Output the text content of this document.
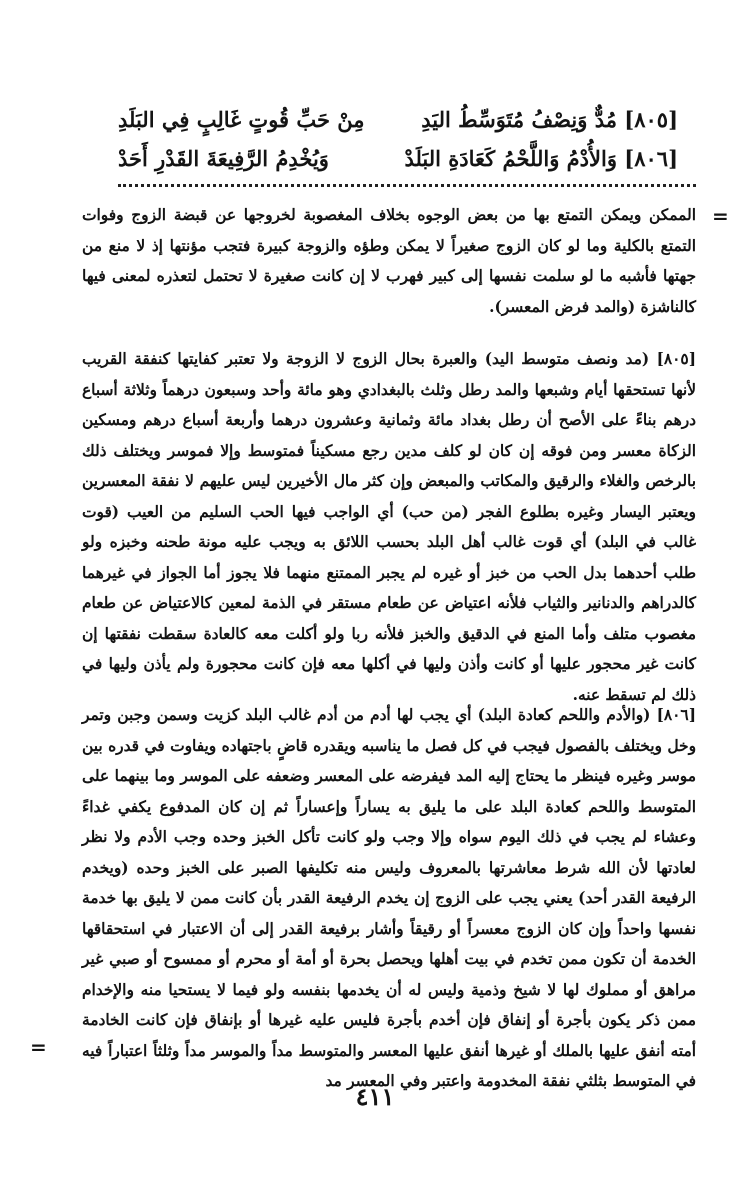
[٨٠٥] مُدٌّ وَنِصْفُ مُتَوَسِّطُ اليَدِ
مِنْ حَبِّ قُوتٍ غَالِبٍ فِي البَلَدِ
[٨٠٦] وَالأُدْمُ وَاللَّحْمُ كَعَادَةِ البَلَدْ
وَيُخْدِمُ الرَّفِيعَةَ القَدْرِ أَحَدْ
=

الممكن ويمكن التمتع بها من بعض الوجوه بخلاف المغصوبة لخروجها عن قبضة الزوج وفوات التمتع بالكلية وما لو كان الزوج صغيراً لا يمكن وطؤه والزوجة كبيرة فتجب مؤنتها إذ لا منع من جهتها فأشبه ما لو سلمت نفسها إلى كبير فهرب لا إن كانت صغيرة لا تحتمل لتعذره لمعنى فيها كالناشزة (والمد فرض المعسر).

[٨٠٥] (مد ونصف متوسط اليد) والعبرة بحال الزوج لا الزوجة ولا تعتبر كفايتها كنفقة القريب لأنها تستحقها أيام وشبعها والمد رطل وثلث بالبغدادي وهو مائة وأحد وسبعون درهماً وثلاثة أسباع درهم بناءً على الأصح أن رطل بغداد مائة وثمانية وعشرون درهما وأربعة أسباع درهم ومسكين الزكاة معسر ومن فوقه إن كان لو كلف مدين رجع مسكيناً فمتوسط وإلا فموسر ويختلف ذلك بالرخص والغلاء والرقيق والمكاتب والمبعض وإن كثر مال الأخيرين ليس عليهم لا نفقة المعسرين ويعتبر اليسار وغيره بطلوع الفجر (من حب) أي الواجب فيها الحب السليم من العيب (قوت غالب في البلد) أي قوت غالب أهل البلد بحسب اللائق به ويجب عليه مونة طحنه وخبزه ولو طلب أحدهما بدل الحب من خبز أو غيره لم يجبر الممتنع منهما فلا يجوز أما الجواز في غيرهما كالدراهم والدنانير والثياب فلأنه اعتياض عن طعام مستقر في الذمة لمعين كالاعتياض عن طعام مغصوب متلف وأما المنع في الدقيق والخبز فلأنه ربا ولو أكلت معه كالعادة سقطت نفقتها إن كانت غير محجور عليها أو كانت وأذن وليها في أكلها معه فإن كانت محجورة ولم يأذن وليها في ذلك لم تسقط عنه.

[٨٠٦] (والأدم واللحم كعادة البلد) أي يجب لها أدم من أدم غالب البلد كزيت وسمن وجبن وتمر وخل ويختلف بالفصول فيجب في كل فصل ما يناسبه ويقدره قاضٍ باجتهاده ويفاوت في قدره بين موسر وغيره فينظر ما يحتاج إليه المد فيفرضه على المعسر وضعفه على الموسر وما بينهما على المتوسط واللحم كعادة البلد على ما يليق به يساراً وإعساراً ثم إن كان المدفوع يكفي غداءً وعشاء لم يجب في ذلك اليوم سواه وإلا وجب ولو كانت تأكل الخبز وحده وجب الأدم ولا نظر لعادتها لأن الله شرط معاشرتها بالمعروف وليس منه تكليفها الصبر على الخبز وحده (ويخدم الرفيعة القدر أحد) يعني يجب على الزوج إن يخدم الرفيعة القدر بأن كانت ممن لا يليق بها خدمة نفسها واحداً وإن كان الزوج معسراً أو رقيقاً وأشار برفيعة القدر إلى أن الاعتبار في استحقاقها الخدمة أن تكون ممن تخدم في بيت أهلها ويحصل بحرة أو أمة أو محرم أو ممسوح أو صبي غير مراهق أو مملوك لها لا شيخ وذمية وليس له أن يخدمها بنفسه ولو فيما لا يستحيا منه والإخدام ممن ذكر يكون بأجرة أو إنفاق فإن أخدم بأجرة فليس عليه غيرها أو بإنفاق فإن كانت الخادمة أمته أنفق عليها بالملك أو غيرها أنفق عليها المعسر والمتوسط مداً والموسر مداً وثلثاً اعتباراً فيه في المتوسط بثلثي نفقة المخدومة واعتبر وفي المعسر مد

=
٤١١
